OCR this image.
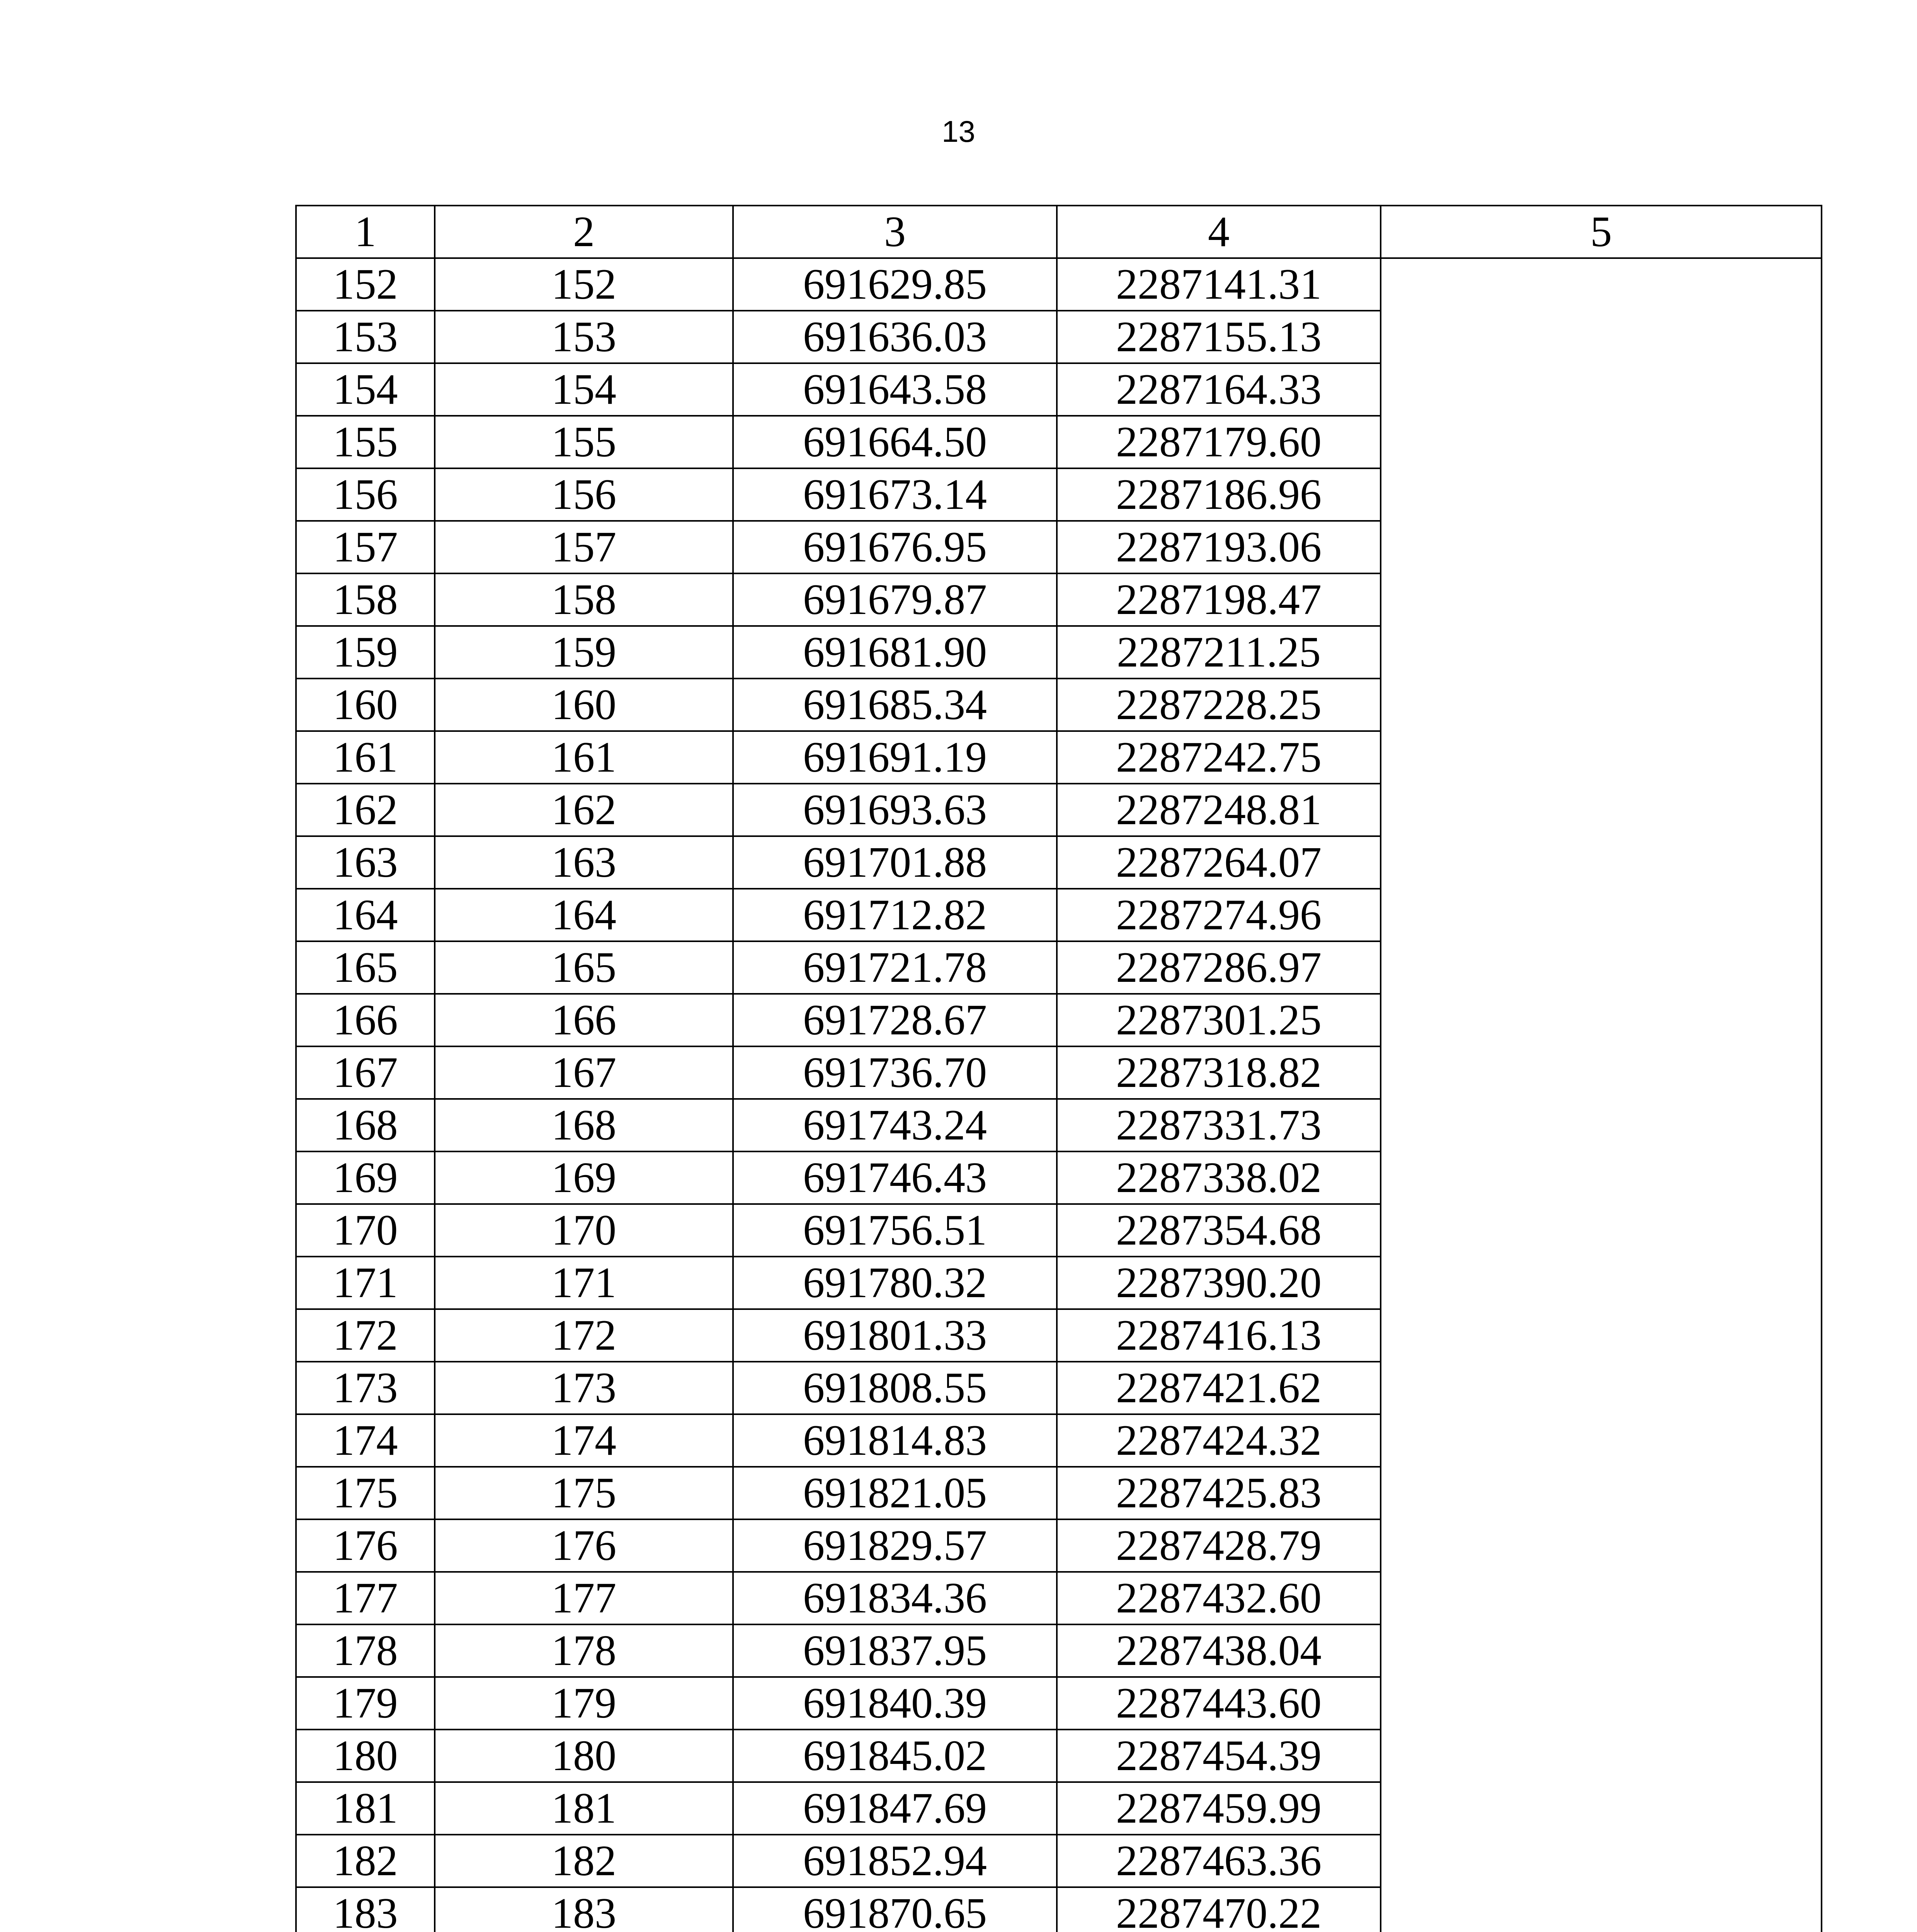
13
1	2	3	4	5
152	152	691629.85	2287141.31	
153	153	691636.03	2287155.13	
154	154	691643.58	2287164.33	
155	155	691664.50	2287179.60	
156	156	691673.14	2287186.96	
157	157	691676.95	2287193.06	
158	158	691679.87	2287198.47	
159	159	691681.90	2287211.25	
160	160	691685.34	2287228.25	
161	161	691691.19	2287242.75	
162	162	691693.63	2287248.81	
163	163	691701.88	2287264.07	
164	164	691712.82	2287274.96	
165	165	691721.78	2287286.97	
166	166	691728.67	2287301.25	
167	167	691736.70	2287318.82	
168	168	691743.24	2287331.73	
169	169	691746.43	2287338.02	
170	170	691756.51	2287354.68	
171	171	691780.32	2287390.20	
172	172	691801.33	2287416.13	
173	173	691808.55	2287421.62	
174	174	691814.83	2287424.32	
175	175	691821.05	2287425.83	
176	176	691829.57	2287428.79	
177	177	691834.36	2287432.60	
178	178	691837.95	2287438.04	
179	179	691840.39	2287443.60	
180	180	691845.02	2287454.39	
181	181	691847.69	2287459.99	
182	182	691852.94	2287463.36	
183	183	691870.65	2287470.22	
